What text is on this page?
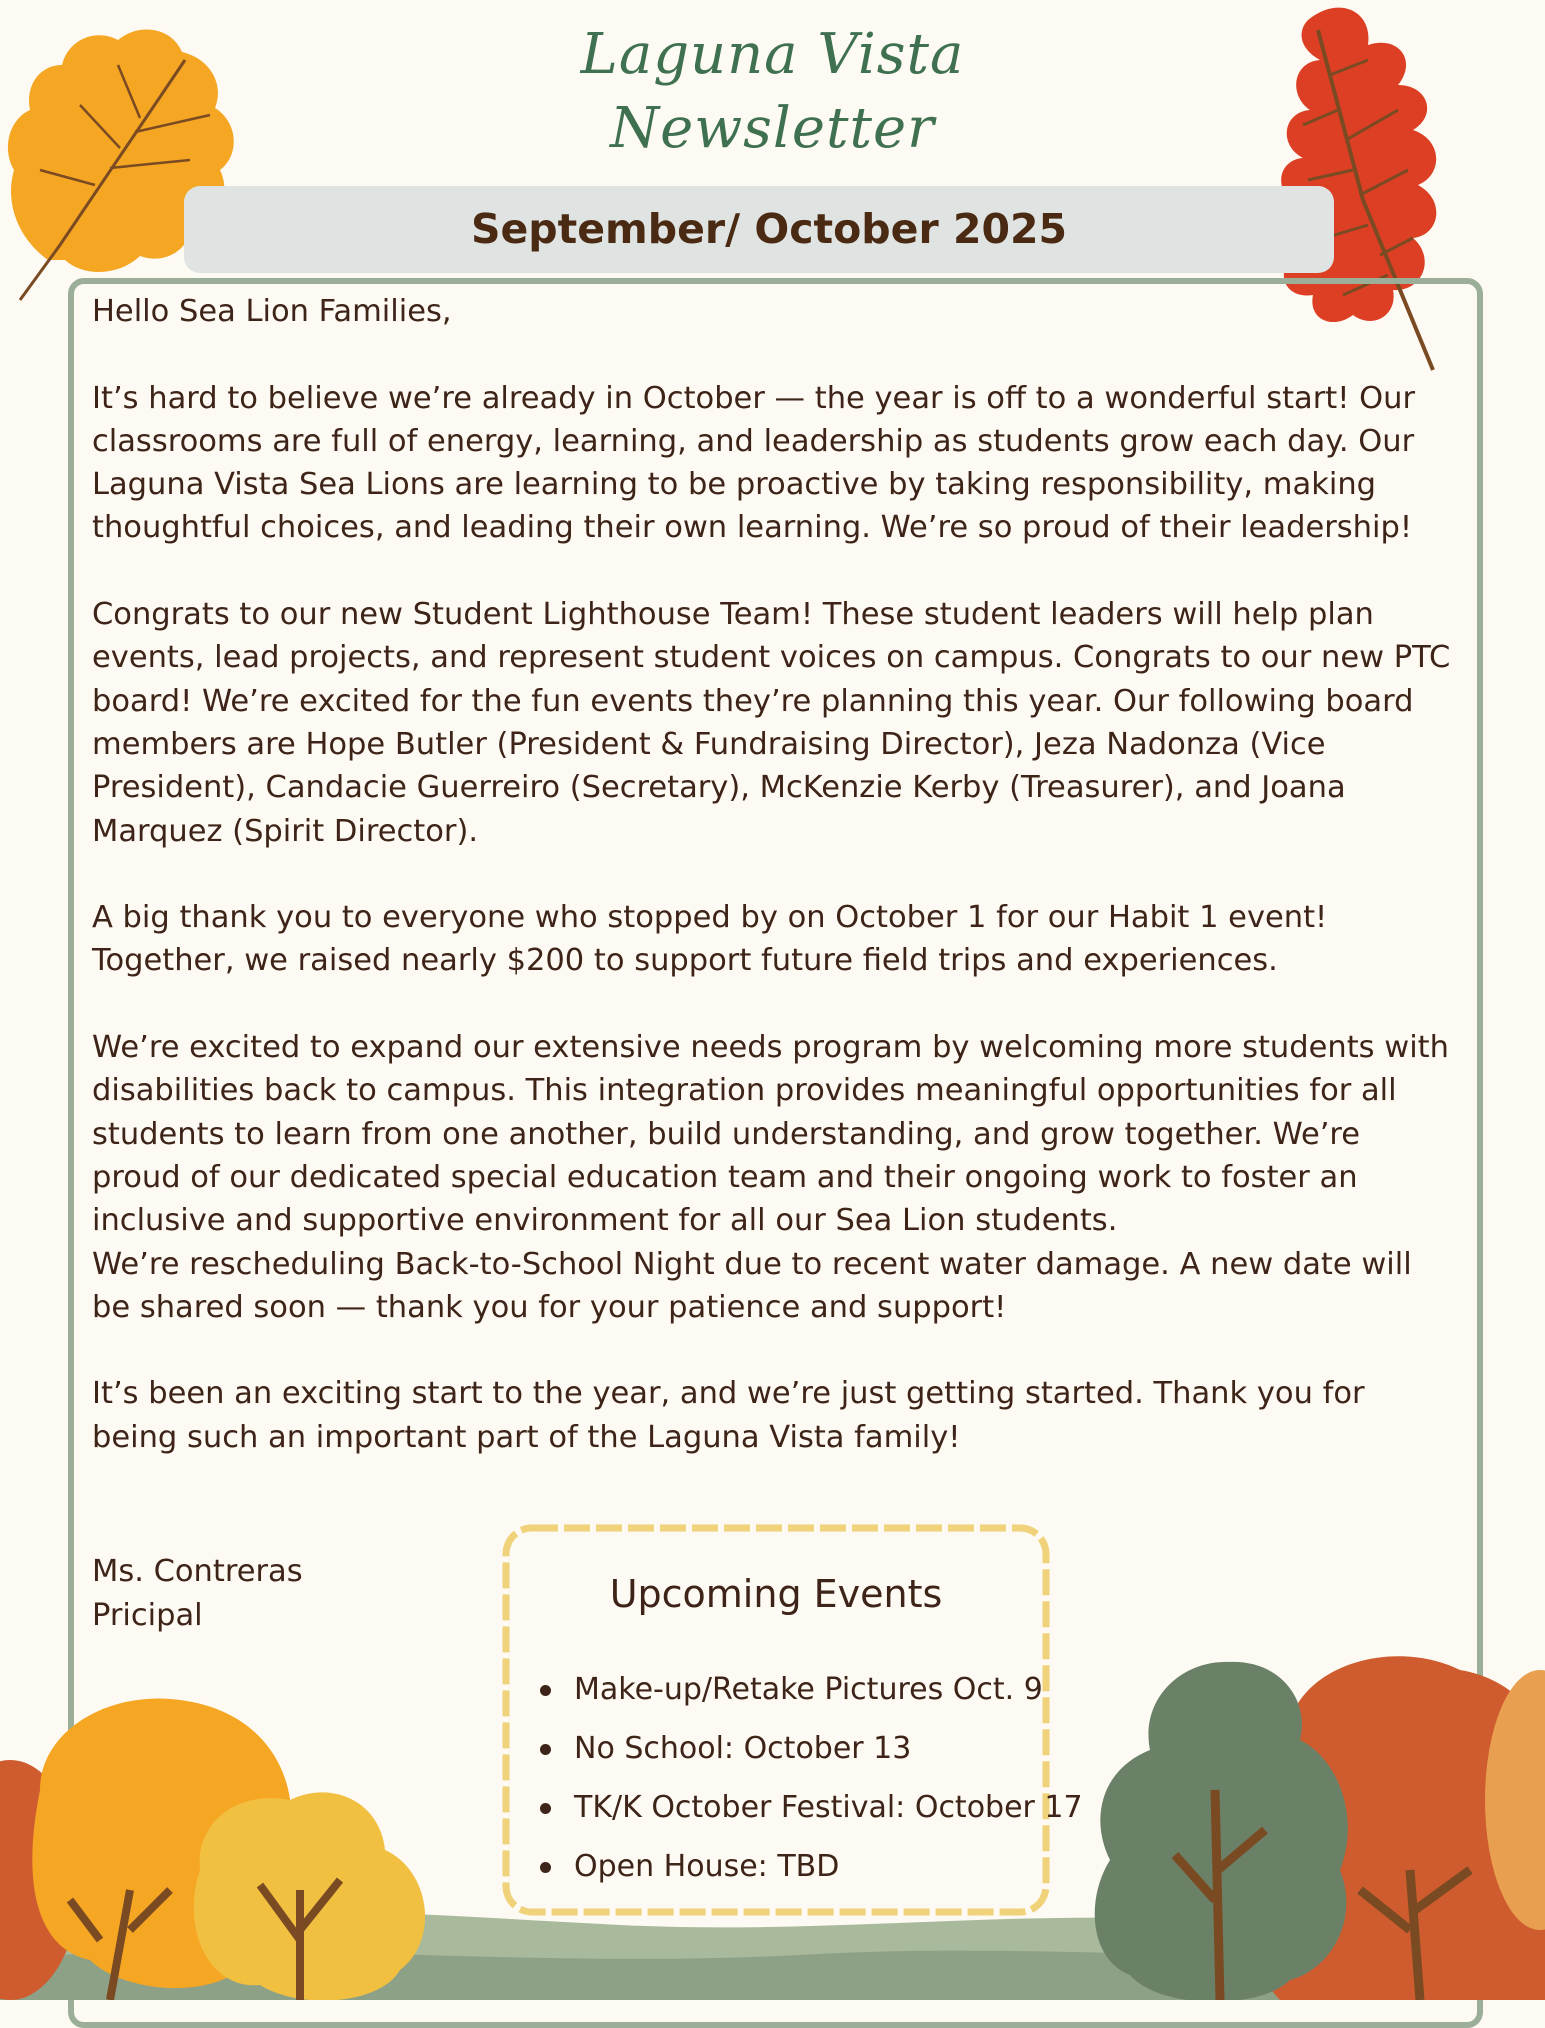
Laguna Vista
Newsletter
September/ October 2025

Hello Sea Lion Families,

It’s hard to believe we’re already in October — the year is off to a wonderful start! Our classrooms are full of energy, learning, and leadership as students grow each day. Our Laguna Vista Sea Lions are learning to be proactive by taking responsibility, making thoughtful choices, and leading their own learning. We’re so proud of their leadership!

Congrats to our new Student Lighthouse Team! These student leaders will help plan events, lead projects, and represent student voices on campus. Congrats to our new PTC board! We’re excited for the fun events they’re planning this year. Our following board members are Hope Butler (President & Fundraising Director), Jeza Nadonza (Vice President), Candacie Guerreiro (Secretary), McKenzie Kerby (Treasurer), and Joana Marquez (Spirit Director).

A big thank you to everyone who stopped by on October 1 for our Habit 1 event! Together, we raised nearly $200 to support future field trips and experiences.

We’re excited to expand our extensive needs program by welcoming more students with disabilities back to campus. This integration provides meaningful opportunities for all students to learn from one another, build understanding, and grow together. We’re proud of our dedicated special education team and their ongoing work to foster an inclusive and supportive environment for all our Sea Lion students.

We’re rescheduling Back-to-School Night due to recent water damage. A new date will be shared soon — thank you for your patience and support!

It’s been an exciting start to the year, and we’re just getting started. Thank you for being such an important part of the Laguna Vista family!

Ms. Contreras
Pricipal	Upcoming Events
Make-up/Retake Pictures Oct. 9
No School: October 13
TK/K October Festival: October 17
Open House: TBD
